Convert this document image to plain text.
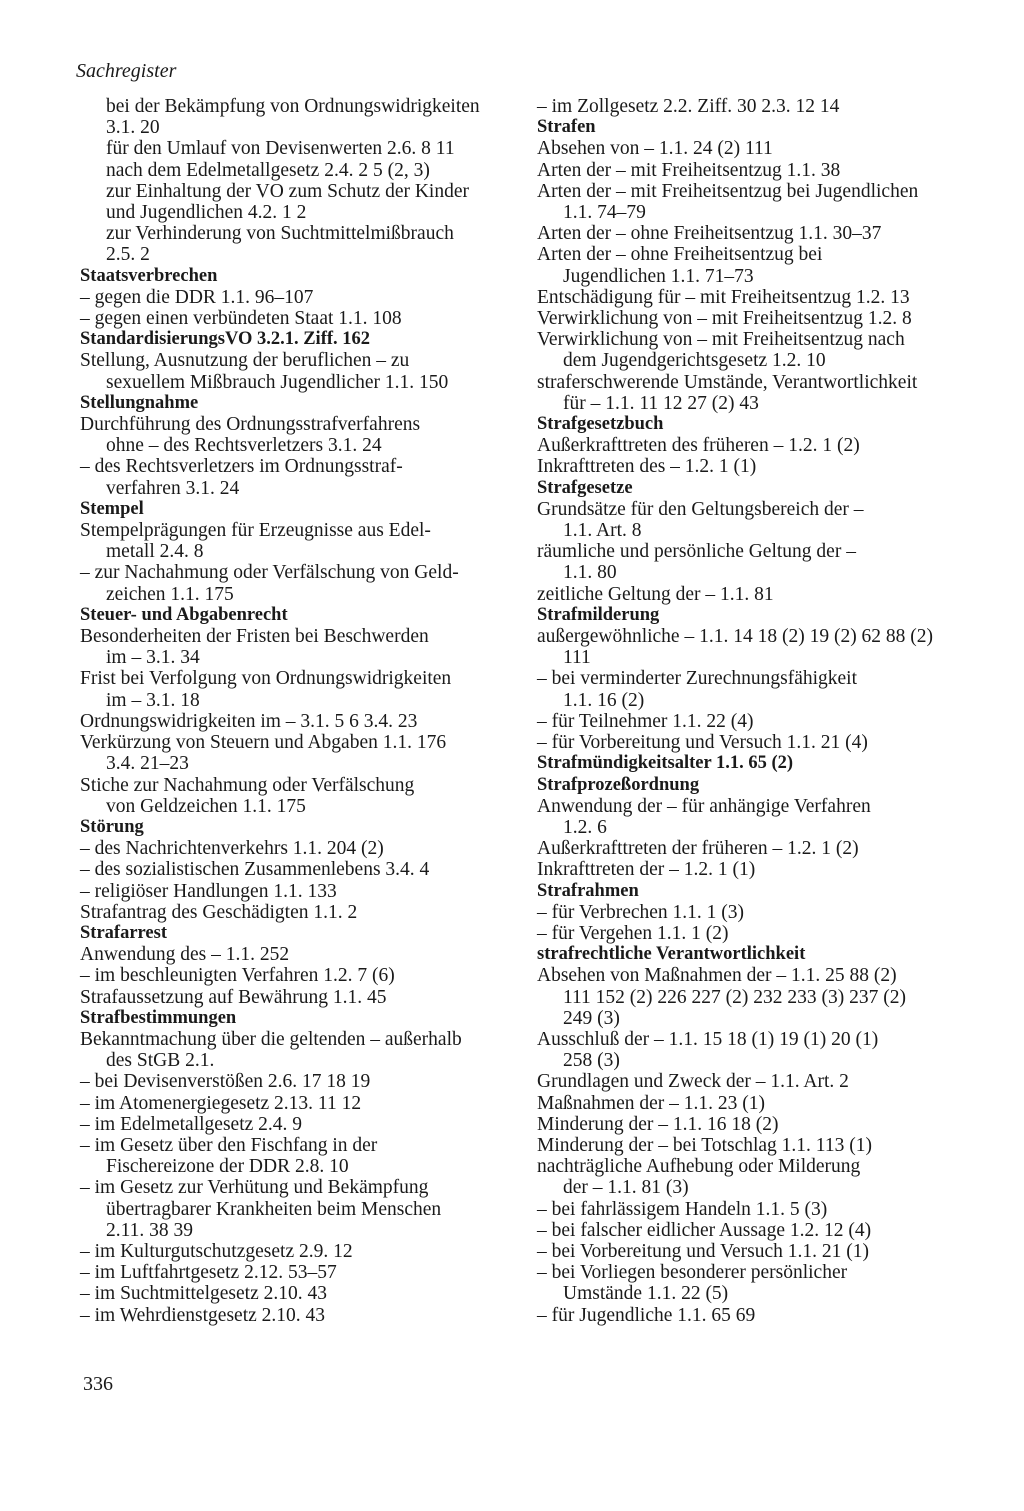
Sachregister
bei der Bekämpfung von Ordnungswidrigkeiten
3.1. 20
für den Umlauf von Devisenwerten 2.6. 8 11
nach dem Edelmetallgesetz 2.4. 2 5 (2, 3)
zur Einhaltung der VO zum Schutz der Kinder
und Jugendlichen 4.2. 1 2
zur Verhinderung von Suchtmittelmißbrauch
2.5. 2
Staatsverbrechen
– gegen die DDR 1.1. 96–107
– gegen einen verbündeten Staat 1.1. 108
StandardisierungsVO 3.2.1. Ziff. 162
Stellung, Ausnutzung der beruflichen – zu
sexuellem Mißbrauch Jugendlicher 1.1. 150
Stellungnahme
Durchführung des Ordnungsstrafverfahrens
ohne – des Rechtsverletzers 3.1. 24
– des Rechtsverletzers im Ordnungsstraf-
verfahren 3.1. 24
Stempel
Stempelprägungen für Erzeugnisse aus Edel-
metall 2.4. 8
– zur Nachahmung oder Verfälschung von Geld-
zeichen 1.1. 175
Steuer- und Abgabenrecht
Besonderheiten der Fristen bei Beschwerden
im – 3.1. 34
Frist bei Verfolgung von Ordnungswidrigkeiten
im – 3.1. 18
Ordnungswidrigkeiten im – 3.1. 5 6 3.4. 23
Verkürzung von Steuern und Abgaben 1.1. 176
3.4. 21–23
Stiche zur Nachahmung oder Verfälschung
von Geldzeichen 1.1. 175
Störung
– des Nachrichtenverkehrs 1.1. 204 (2)
– des sozialistischen Zusammenlebens 3.4. 4
– religiöser Handlungen 1.1. 133
Strafantrag des Geschädigten 1.1. 2
Strafarrest
Anwendung des – 1.1. 252
– im beschleunigten Verfahren 1.2. 7 (6)
Strafaussetzung auf Bewährung 1.1. 45
Strafbestimmungen
Bekanntmachung über die geltenden – außerhalb
des StGB 2.1.
– bei Devisenverstößen 2.6. 17 18 19
– im Atomenergiegesetz 2.13. 11 12
– im Edelmetallgesetz 2.4. 9
– im Gesetz über den Fischfang in der
Fischereizone der DDR 2.8. 10
– im Gesetz zur Verhütung und Bekämpfung
übertragbarer Krankheiten beim Menschen
2.11. 38 39
– im Kulturgutschutzgesetz 2.9. 12
– im Luftfahrtgesetz 2.12. 53–57
– im Suchtmittelgesetz 2.10. 43
– im Wehrdienstgesetz 2.10. 43
– im Zollgesetz 2.2. Ziff. 30 2.3. 12 14
Strafen
Absehen von – 1.1. 24 (2) 111
Arten der – mit Freiheitsentzug 1.1. 38
Arten der – mit Freiheitsentzug bei Jugendlichen
1.1. 74–79
Arten der – ohne Freiheitsentzug 1.1. 30–37
Arten der – ohne Freiheitsentzug bei
Jugendlichen 1.1. 71–73
Entschädigung für – mit Freiheitsentzug 1.2. 13
Verwirklichung von – mit Freiheitsentzug 1.2. 8
Verwirklichung von – mit Freiheitsentzug nach
dem Jugendgerichtsgesetz 1.2. 10
straferschwerende Umstände, Verantwortlichkeit
für – 1.1. 11 12 27 (2) 43
Strafgesetzbuch
Außerkrafttreten des früheren – 1.2. 1 (2)
Inkrafttreten des – 1.2. 1 (1)
Strafgesetze
Grundsätze für den Geltungsbereich der –
1.1. Art. 8
räumliche und persönliche Geltung der –
1.1. 80
zeitliche Geltung der – 1.1. 81
Strafmilderung
außergewöhnliche – 1.1. 14 18 (2) 19 (2) 62 88 (2)
111
– bei verminderter Zurechnungsfähigkeit
1.1. 16 (2)
– für Teilnehmer 1.1. 22 (4)
– für Vorbereitung und Versuch 1.1. 21 (4)
Strafmündigkeitsalter 1.1. 65 (2)
Strafprozeßordnung
Anwendung der – für anhängige Verfahren
1.2. 6
Außerkrafttreten der früheren – 1.2. 1 (2)
Inkrafttreten der – 1.2. 1 (1)
Strafrahmen
– für Verbrechen 1.1. 1 (3)
– für Vergehen 1.1. 1 (2)
strafrechtliche Verantwortlichkeit
Absehen von Maßnahmen der – 1.1. 25 88 (2)
111 152 (2) 226 227 (2) 232 233 (3) 237 (2)
249 (3)
Ausschluß der – 1.1. 15 18 (1) 19 (1) 20 (1)
258 (3)
Grundlagen und Zweck der – 1.1. Art. 2
Maßnahmen der – 1.1. 23 (1)
Minderung der – 1.1. 16 18 (2)
Minderung der – bei Totschlag 1.1. 113 (1)
nachträgliche Aufhebung oder Milderung
der – 1.1. 81 (3)
– bei fahrlässigem Handeln 1.1. 5 (3)
– bei falscher eidlicher Aussage 1.2. 12 (4)
– bei Vorbereitung und Versuch 1.1. 21 (1)
– bei Vorliegen besonderer persönlicher
Umstände 1.1. 22 (5)
– für Jugendliche 1.1. 65 69
336
